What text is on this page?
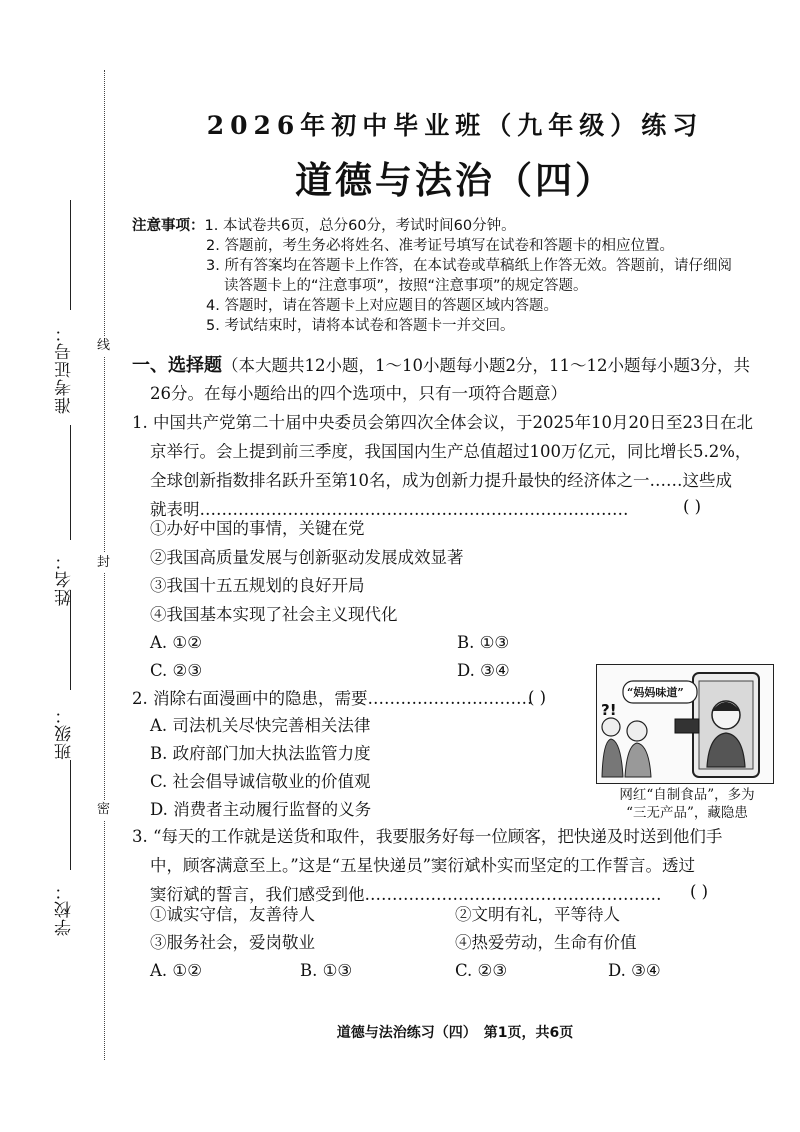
线
封
密
学校：
班级：
姓名：
准考证号：
2026年初中毕业班（九年级）练习
道德与法治（四）
注意事项：1. 本试卷共6页，总分60分，考试时间60分钟。
2. 答题前，考生务必将姓名、准考证号填写在试卷和答题卡的相应位置。
3. 所有答案均在答题卡上作答，在本试卷或草稿纸上作答无效。答题前，请仔细阅
读答题卡上的“注意事项”，按照“注意事项”的规定答题。
4. 答题时，请在答题卡上对应题目的答题区域内答题。
5. 考试结束时，请将本试卷和答题卡一并交回。
一、选择题（本大题共12小题，1～10小题每小题2分，11～12小题每小题3分，共
26分。在每小题给出的四个选项中，只有一项符合题意）
1. 中国共产党第二十届中央委员会第四次全体会议，于2025年10月20日至23日在北
京举行。会上提到前三季度，我国国内生产总值超过100万亿元，同比增长5.2%，
全球创新指数排名跃升至第10名，成为创新力提升最快的经济体之一……这些成
就表明……………………………………………………………………	( )
①办好中国的事情，关键在党
②我国高质量发展与创新驱动发展成效显著
③我国十五五规划的良好开局
④我国基本实现了社会主义现代化
A. ①②	B. ①③
C. ②③	D. ③④
2. 消除右面漫画中的隐患，需要…………………………
( )
A. 司法机关尽快完善相关法律
B. 政府部门加大执法监管力度
C. 社会倡导诚信敬业的价值观
D. 消费者主动履行监督的义务
“妈妈味道”
?!
网红“自制食品”，多为
“三无产品”，藏隐患
3. “每天的工作就是送货和取件，我要服务好每一位顾客，把快递及时送到他们手
中，顾客满意至上。”这是“五星快递员”窦衍斌朴实而坚定的工作誓言。透过
窦衍斌的誓言，我们感受到他………………………………………………	( )
①诚实守信，友善待人	②文明有礼，平等待人
③服务社会，爱岗敬业	④热爱劳动，生命有价值
A. ①②	B. ①③	C. ②③	D. ③④
道德与法治练习（四）　第1页，共6页
